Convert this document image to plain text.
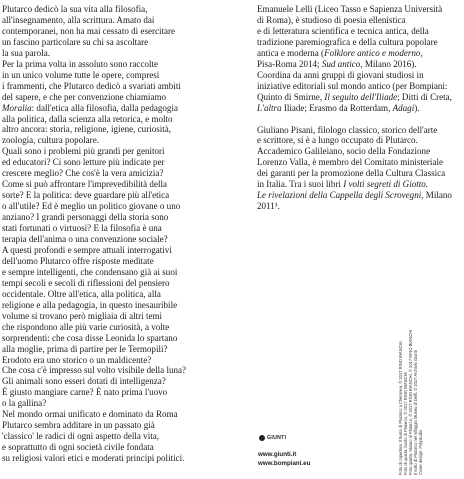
Plutarco dedicò la sua vita alla filosofia,
all'insegnamento, alla scrittura. Amato dai
contemporanei, non ha mai cessato di esercitare
un fascino particolare su chi sa ascoltare
la sua parola.

Per la prima volta in assoluto sono raccolte
in un unico volume tutte le opere, compresi
i frammenti, che Plutarco dedicò a svariati ambiti
del sapere, e che per convenzione chiamiamo
Moralia: dall'etica alla filosofia, dalla pedagogia
alla politica, dalla scienza alla retorica, e molto
altro ancora: storia, religione, igiene, curiosità,
zoologia, cultura popolare.

Quali sono i problemi più grandi per genitori
ed educatori? Ci sono letture più indicate per
crescere meglio? Che cos'è la vera amicizia?
Come si può affrontare l'imprevedibilità della
sorte? E la politica: deve guardare più all'etica
o all'utile? Ed è meglio un politico giovane o uno
anziano? I grandi personaggi della storia sono
stati fortunati o virtuosi? E la filosofia è una
terapia dell'anima o una convenzione sociale?
A questi profondi e sempre attuali interrogativi
dell'uomo Plutarco offre risposte meditate
e sempre intelligenti, che condensano già ai suoi
tempi secoli e secoli di riflessioni del pensiero
occidentale. Oltre all'etica, alla politica, alla
religione e alla pedagogia, in questo inesauribile
volume si trovano però migliaia di altri temi
che rispondono alle più varie curiosità, a volte
sorprendenti: che cosa disse Leonida lo spartano
alla moglie, prima di partire per le Termopili?
Erodoto era uno storico o un maldicente?
Che cosa c'è impresso sul volto visibile della luna?
Gli animali sono esseri dotati di intelligenza?
È giusto mangiare carne? È nato prima l'uovo
o la gallina?

Nel mondo ormai unificato e dominato da Roma
Plutarco sembra additare in un passato già
'classico' le radici di ogni aspetto della vita,
e soprattutto di ogni società civile fondata
su religiosi valori etici e moderati principi politici.

Emanuele Lelli (Liceo Tasso e Sapienza Università
di Roma), è studioso di poesia ellenistica
e di letteratura scientifica e tecnica antica, della
tradizione paremiografica e della cultura popolare
antica e moderna (Folklore antico e moderno,
Pisa-Roma 2014; Sud antico, Milano 2016).
Coordina da anni gruppi di giovani studiosi in
iniziative editoriali sul mondo antico (per Bompiani:
Quinto di Smirne, Il seguito dell'Iliade; Ditti di Creta,
L'altra Iliade; Erasmo da Rotterdam, Adagi).

Giuliano Pisani, filologo classico, storico dell'arte
e scrittore, si è a lungo occupato di Plutarco.
Accademico Galileiano, socio della Fondazione
Lorenzo Valla, è membro del Comitato ministeriale
dei garanti per la promozione della Cultura Classica
in Italia. Tra i suoi libri I volti segreti di Giotto.
Le rivelazioni della Cappella degli Scrovegni, Milano 2011³.

Foto di copertina: Il busto di Plutarco a Cheronea, © 2017 RINO BIANCHI Foto di quarta: busto di Plutarco, © 2017 RINO BIANCHI Foto quarta: Museo di Plutarco, © 2017 RINO BIANCHI, © 2017 RINO BIANCHI Il volto di Plutarco nel villaggio Museo di Delfi, © 2017 Archivio Giunti Cover design: Polystudio
GIUNTI
www.giunti.it
www.bompiani.eu
